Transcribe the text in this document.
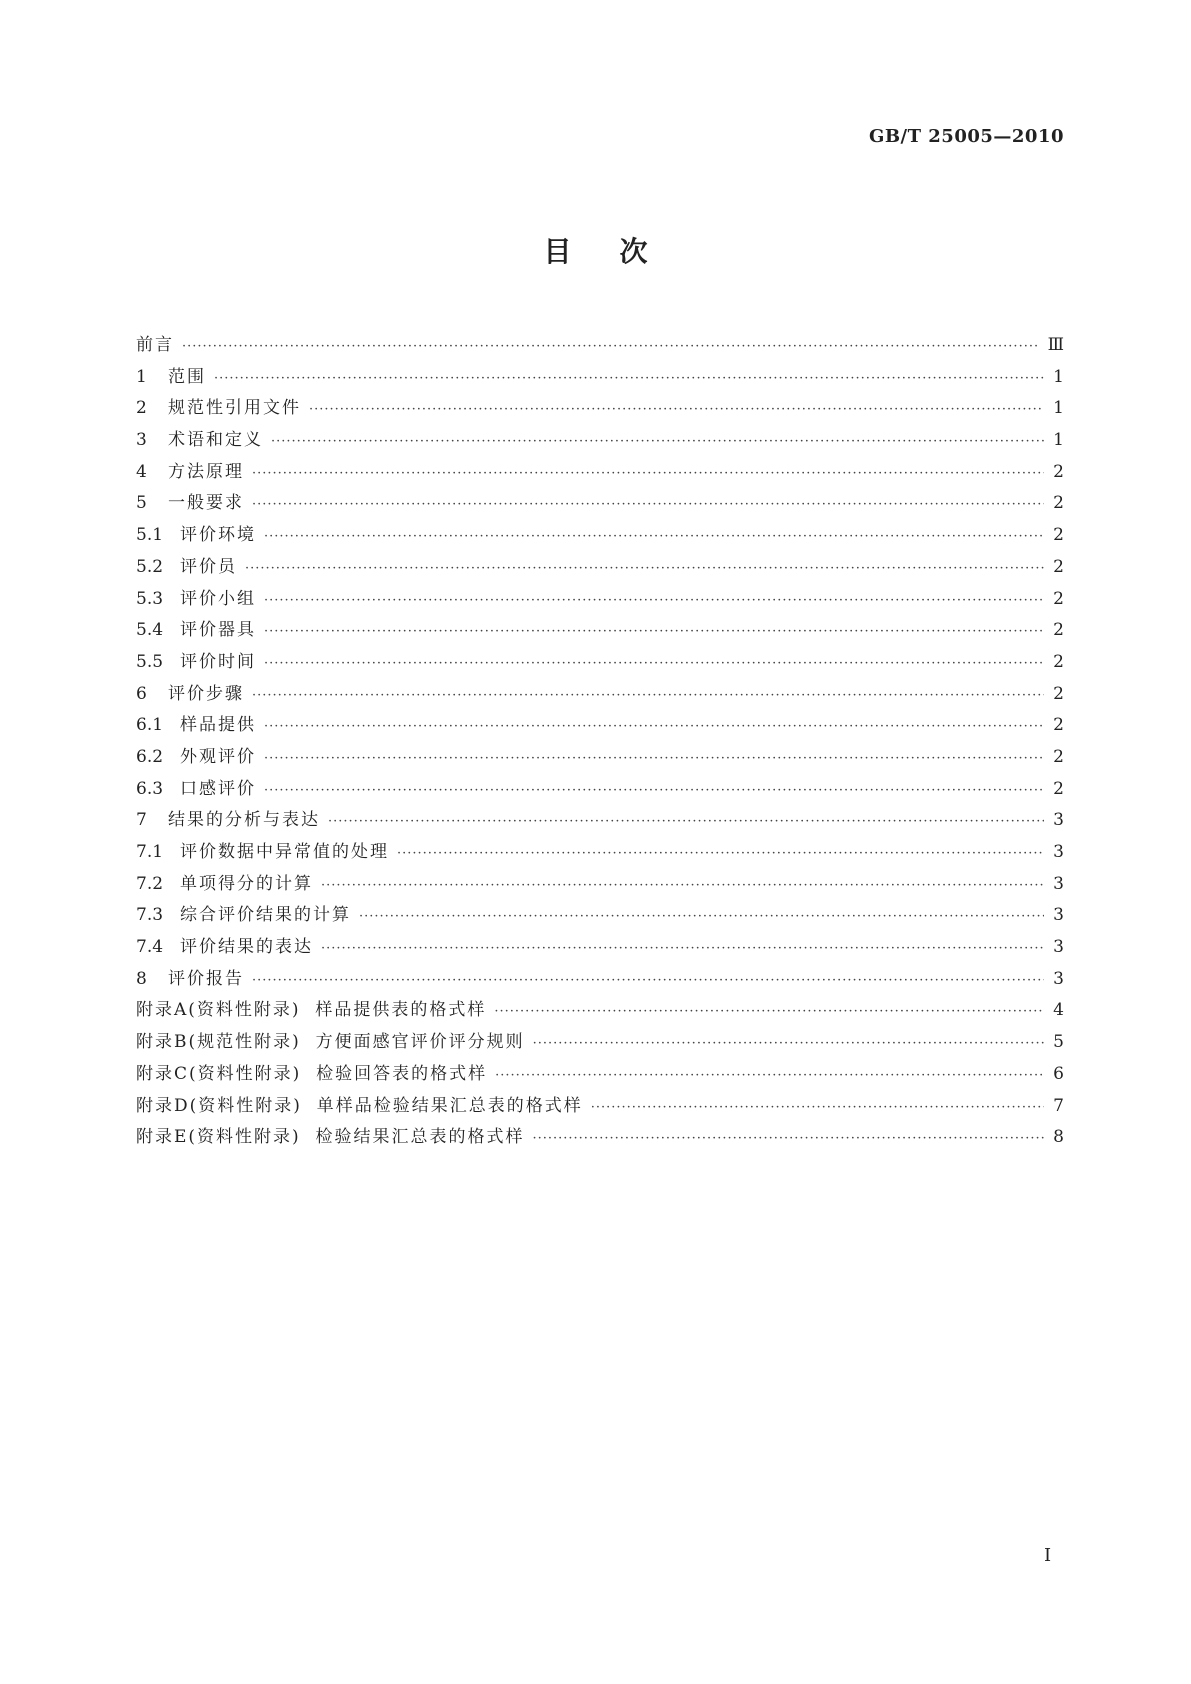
GB/T 25005—2010
目次
前言 ·····	Ⅲ
1	范围 ·····	1
2	规范性引用文件 ·····	1
3	术语和定义 ·····	1
4	方法原理 ·····	2
5	一般要求 ·····	2
5.1 评价环境 ·····	2
5.2 评价员 ·····	2
5.3 评价小组 ·····	2
5.4 评价器具 ·····	2
5.5 评价时间 ·····	2
6	评价步骤 ·····	2
6.1 样品提供 ·····	2
6.2 外观评价 ·····	2
6.3 口感评价 ·····	2
7	结果的分析与表达 ·····	3
7.1 评价数据中异常值的处理 ·····	3
7.2 单项得分的计算 ·····	3
7.3 综合评价结果的计算 ·····	3
7.4 评价结果的表达 ·····	3
8	评价报告 ·····	3
附录A(资料性附录)  样品提供表的格式样 ·····	4
附录B(规范性附录)  方便面感官评价评分规则 ·····	5
附录C(资料性附录)  检验回答表的格式样 ·····	6
附录D(资料性附录)  单样品检验结果汇总表的格式样 ·····	7
附录E(资料性附录)  检验结果汇总表的格式样 ·····	8
I
